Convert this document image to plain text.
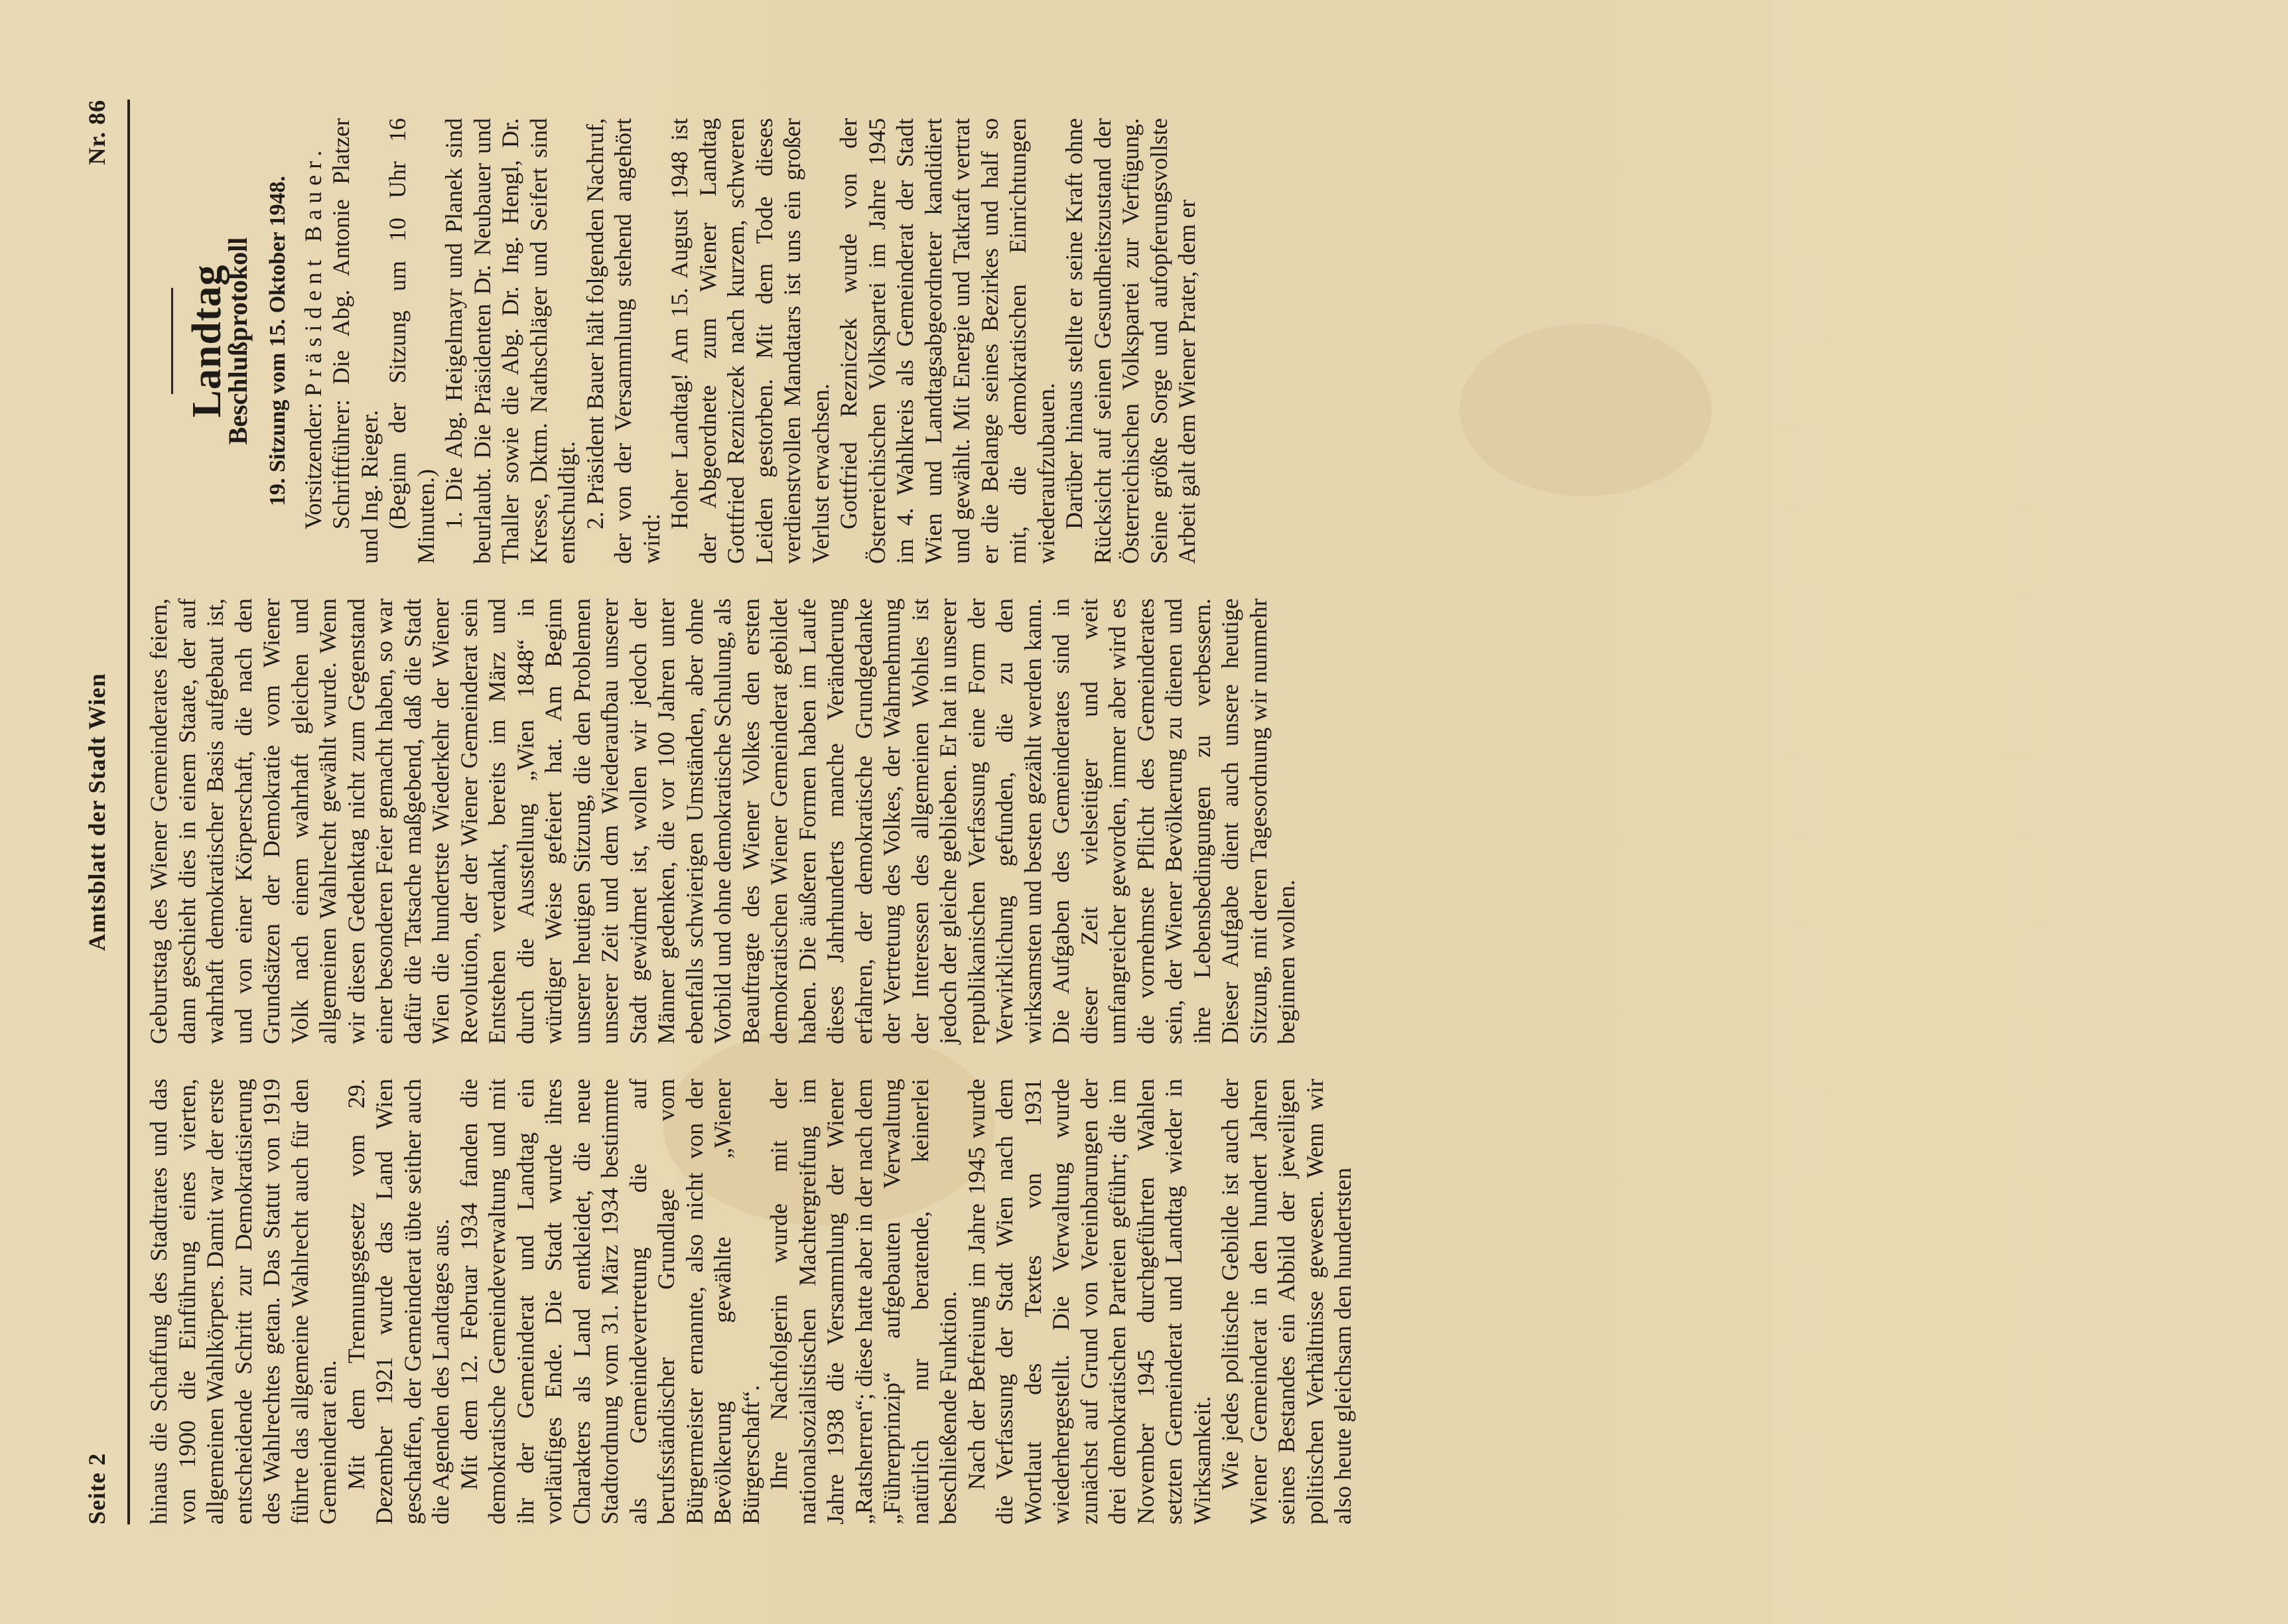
Seite 2
Amtsblatt der Stadt Wien
Nr. 86

hinaus die Schaffung des Stadtrates und das von 1900 die Einführung eines vierten, allgemeinen Wahlkörpers. Damit war der erste entscheidende Schritt zur Demokratisierung des Wahlrechtes getan. Das Statut von 1919 führte das allgemeine Wahlrecht auch für den Gemeinderat ein. Mit dem Trennungsgesetz vom 29. Dezember 1921 wurde das Land Wien geschaffen, der Gemeinderat übte seither auch die Agenden des Landtages aus. Mit dem 12. Februar 1934 fanden die demokratische Gemeindeverwaltung und mit ihr der Gemeinderat und Landtag ein vorläufiges Ende. Die Stadt wurde ihres Charakters als Land entkleidet, die neue Stadtordnung vom 31. März 1934 bestimmte als Gemeindevertretung die auf berufsständischer Grundlage vom Bürgermeister ernannte, also nicht von der Bevölkerung gewählte „Wiener Bürgerschaft“. Ihre Nachfolgerin wurde mit der nationalsozialistischen Machtergreifung im Jahre 1938 die Versammlung der Wiener „Ratsherren“; diese hatte aber in der nach dem „Führerprinzip“ aufgebauten Verwaltung natürlich nur beratende, keinerlei beschließende Funktion. Nach der Befreiung im Jahre 1945 wurde die Verfassung der Stadt Wien nach dem Wortlaut des Textes von 1931 wiederhergestellt. Die Verwaltung wurde zunächst auf Grund von Vereinbarungen der drei demokratischen Parteien geführt; die im November 1945 durchgeführten Wahlen setzten Gemeinderat und Landtag wieder in Wirksamkeit. Wie jedes politische Gebilde ist auch der Wiener Gemeinderat in den hundert Jahren seines Bestandes ein Abbild der jeweiligen politischen Verhältnisse gewesen. Wenn wir also heute gleichsam den hundertsten

Geburtstag des Wiener Gemeinderates feiern, dann geschieht dies in einem Staate, der auf wahrhaft demokratischer Basis aufgebaut ist, und von einer Körperschaft, die nach den Grundsätzen der Demokratie vom Wiener Volk nach einem wahrhaft gleichen und allgemeinen Wahlrecht gewählt wurde. Wenn wir diesen Gedenktag nicht zum Gegenstand einer besonderen Feier gemacht haben, so war dafür die Tatsache maßgebend, daß die Stadt Wien die hundertste Wiederkehr der Wiener Revolution, der der Wiener Gemeinderat sein Entstehen verdankt, bereits im März und durch die Ausstellung „Wien 1848“ in würdiger Weise gefeiert hat. Am Beginn unserer heutigen Sitzung, die den Problemen unserer Zeit und dem Wiederaufbau unserer Stadt gewidmet ist, wollen wir jedoch der Männer gedenken, die vor 100 Jahren unter ebenfalls schwierigen Umständen, aber ohne Vorbild und ohne demokratische Schulung, als Beauftragte des Wiener Volkes den ersten demokratischen Wiener Gemeinderat gebildet haben. Die äußeren Formen haben im Laufe dieses Jahrhunderts manche Veränderung erfahren, der demokratische Grundgedanke der Vertretung des Volkes, der Wahrnehmung der Interessen des allgemeinen Wohles ist jedoch der gleiche geblieben. Er hat in unserer republikanischen Verfassung eine Form der Verwirklichung gefunden, die zu den wirksamsten und besten gezählt werden kann. Die Aufgaben des Gemeinderates sind in dieser Zeit vielseitiger und weit umfangreicher geworden, immer aber wird es die vornehmste Pflicht des Gemeinderates sein, der Wiener Bevölkerung zu dienen und ihre Lebensbedingungen zu verbessern. Dieser Aufgabe dient auch unsere heutige Sitzung, mit deren Tagesordnung wir nunmehr beginnen wollen.

Landtag
Beschlußprotokoll 19. Sitzung vom 15. Oktober 1948. Vorsitzender: Präsident Bauer.

Schriftführer: Die Abg. Antonie Platzer und Ing. Rieger. (Beginn der Sitzung um 10 Uhr 16 Minuten.) 1. Die Abg. Heigelmayr und Planek sind beurlaubt. Die Präsidenten Dr. Neubauer und Thaller sowie die Abg. Dr. Ing. Hengl, Dr. Kresse, Dktm. Nathschläger und Seifert sind entschuldigt. 2. Präsident Bauer hält folgenden Nachruf, der von der Versammlung stehend angehört wird:

Hoher Landtag! Am 15. August 1948 ist der Abgeordnete zum Wiener Landtag Gottfried Rezniczek nach kurzem, schweren Leiden gestorben. Mit dem Tode dieses verdienstvollen Mandatars ist uns ein großer Verlust erwachsen. Gottfried Rezniczek wurde von der Österreichischen Volkspartei im Jahre 1945 im 4. Wahlkreis als Gemeinderat der Stadt Wien und Landtagsabgeordneter kandidiert und gewählt. Mit Energie und Tatkraft vertrat er die Belange seines Bezirkes und half so mit, die demokratischen Einrichtungen wiederaufzubauen. Darüber hinaus stellte er seine Kraft ohne Rücksicht auf seinen Gesundheitszustand der Österreichischen Volkspartei zur Verfügung. Seine größte Sorge und aufopferungsvollste Arbeit galt dem Wiener Prater, dem er
